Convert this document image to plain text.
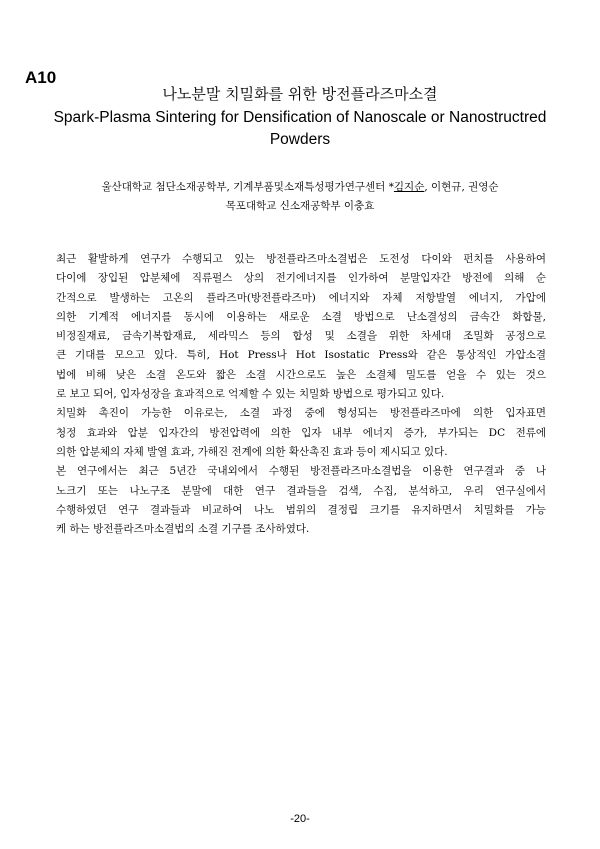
A10
나노분말 치밀화를 위한 방전플라즈마소결
Spark-Plasma Sintering for Densification of Nanoscale or Nanostructred Powders
울산대학교 첨단소재공학부, 기계부품및소재특성평가연구센터 *김지순, 이현규, 권영순
목포대학교 신소재공학부 이충효

최근 활발하게 연구가 수행되고 있는 방전플라즈마소결법은 도전성 다이와 펀치를 사용하여

다이에 장입된 압분체에 직류펄스 상의 전기에너지를 인가하여 분말입자간 방전에 의해 순

간적으로 발생하는 고온의 플라즈마(방전플라즈마) 에너지와 자체 저항발열 에너지, 가압에

의한 기계적 에너지를 동시에 이용하는 새로운 소결 방법으로 난소결성의 금속간 화합물,

비정질재료, 금속기복합재료, 세라믹스 등의 합성 및 소결을 위한 차세대 조밀화 공정으로

큰 기대를 모으고 있다. 특히, Hot Press나 Hot Isostatic Press와 같은 통상적인 가압소결

법에 비해 낮은 소결 온도와 짧은 소결 시간으로도 높은 소결체 밀도를 얻을 수 있는 것으

로 보고 되어, 입자성장을 효과적으로 억제할 수 있는 치밀화 방법으로 평가되고 있다.

치밀화 촉진이 가능한 이유로는, 소결 과정 중에 형성되는 방전플라즈마에 의한 입자표면

청정 효과와 압분 입자간의 방전압력에 의한 입자 내부 에너지 증가, 부가되는 DC 전류에

의한 압분체의 자체 발열 효과, 가해진 전계에 의한 확산촉진 효과 등이 제시되고 있다.

본 연구에서는 최근 5년간 국내외에서 수행된 방전플라즈마소결법을 이용한 연구결과 중 나

노크기 또는 나노구조 분말에 대한 연구 결과들을 검색, 수집, 분석하고, 우리 연구실에서

수행하였던 연구 결과들과 비교하여 나노 범위의 결정립 크기를 유지하면서 치밀화를 가능

케 하는 방전플라즈마소결법의 소결 기구를 조사하였다.

-20-
